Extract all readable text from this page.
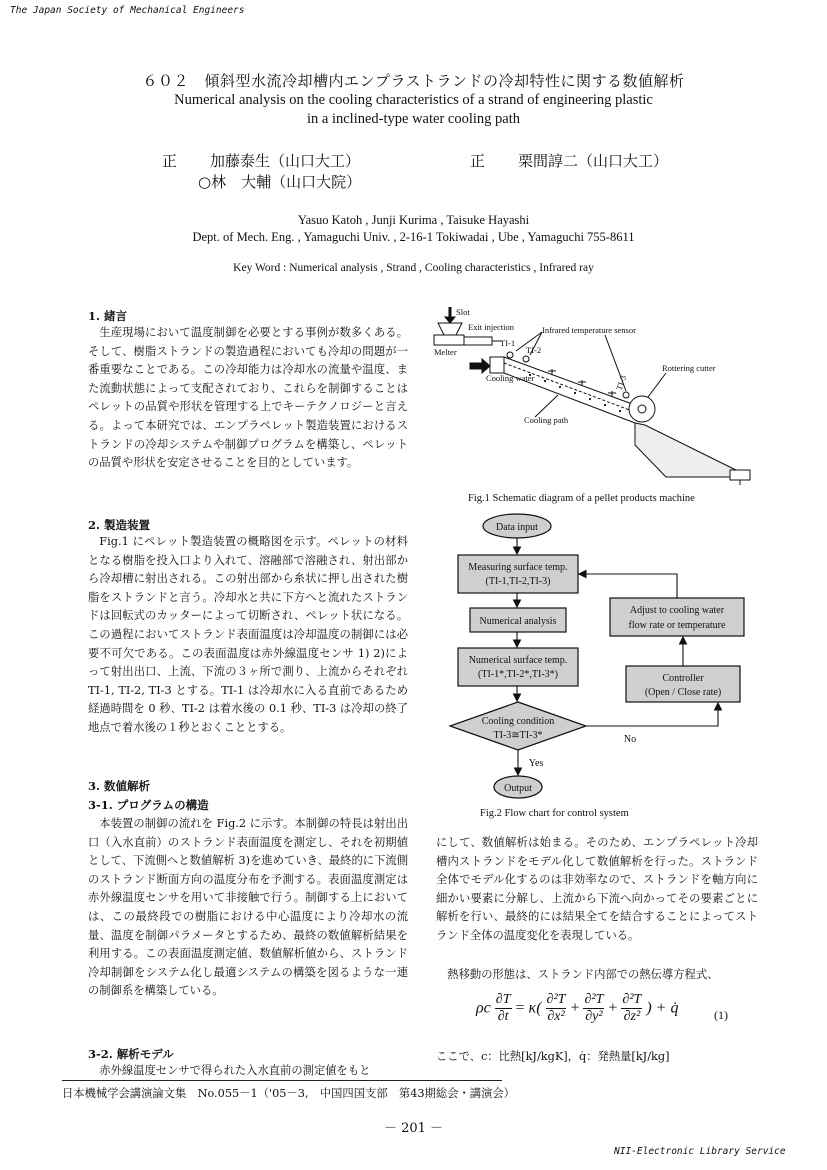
The Japan Society of Mechanical Engineers
６０２　傾斜型水流冷却槽内エンプラストランドの冷却特性に関する数値解析
Numerical analysis on the cooling characteristics of a strand of engineering plastic
in a inclined-type water cooling path
正 加藤泰生（山口大工）	正 栗間諄二（山口大工）
○林　大輔（山口大院）
Yasuo Katoh , Junji Kurima , Taisuke Hayashi
Dept. of Mech. Eng. , Yamaguchi Univ. , 2-16-1 Tokiwadai , Ube , Yamaguchi 755-8611
Key Word : Numerical analysis , Strand , Cooling characteristics , Infrared ray
1. 緒言

生産現場において温度制御を必要とする事例が数多くある。そして、樹脂ストランドの製造過程においても冷却の問題が一番重要なことである。この冷却能力は冷却水の流量や温度、また流動状態によって支配されており、これらを制御することはペレットの品質や形状を管理する上でキーテクノロジーと言える。よって本研究では、エンプラペレット製造装置におけるストランドの冷却システムや制御プログラムを構築し、ペレットの品質や形状を安定させることを目的としています。

2. 製造装置

Fig.1 にペレット製造装置の概略図を示す。ペレットの材料となる樹脂を投入口より入れて、溶融部で溶融され、射出部から冷却槽に射出される。この射出部から糸状に押し出された樹脂をストランドと言う。冷却水と共に下方へと流れたストランドは回転式のカッターによって切断され、ペレット状になる。この過程においてストランド表面温度は冷却温度の制御には必要不可欠である。この表面温度は赤外線温度センサ 1) 2)によって射出出口、上流、下流の３ヶ所で測り、上流からそれぞれ TI-1, TI-2, TI-3 とする。TI-1 は冷却水に入る直前であるため経過時間を 0 秒、TI-2 は着水後の 0.1 秒、TI-3 は冷却の終了地点で着水後の１秒とおくこととする。

3. 数値解析
3-1. プログラムの構造

本装置の制御の流れを Fig.2 に示す。本制御の特長は射出出口（入水直前）のストランド表面温度を測定し、それを初期値として、下流側へと数値解析 3)を進めていき、最終的に下流側のストランド断面方向の温度分布を予測する。表面温度測定は赤外線温度センサを用いて非接触で行う。制御する上においては、この最終段での樹脂における中心温度により冷却水の流量、温度を制御パラメータとするため、最終の数値解析結果を利用する。この表面温度測定値、数値解析値から、ストランド冷却制御をシステム化し最適システムの構築を図るような一連の制御系を構築している。

3-2. 解析モデル

赤外線温度センサで得られた入水直前の測定値をもと

Slot
Exit injection	Infrared temperature sensor
Melter
TI-1
TI-2
TI-3
Rottering cutter
Cooling water
Cooling path
Fig.1 Schematic diagram of a pellet products machine
Data input
Measuring surface temp.
(TI-1,TI-2,TI-3)
Numerical analysis
Numerical surface temp.
(TI-1*,TI-2*,TI-3*)
Cooling condition
TI-3≅TI-3*
Output
Adjust to cooling water
flow rate or temperature
Controller
(Open / Close rate)
Yes
No
Fig.2 Flow chart for control system

にして、数値解析は始まる。そのため、エンプラペレット冷却槽内ストランドをモデル化して数値解析を行った。ストランド全体でモデル化するのは非効率なので、ストランドを軸方向に細かい要素に分解し、上流から下流へ向かってその要素ごとに解析を行い、最終的には結果全てを結合することによってストランド全体の温度変化を表現している。

熱移動の形態は、ストランド内部での熱伝導方程式、

ρc $\frac{\partial T}{\partial t} = \kappa( \frac{\text{∂²T}}{\text{∂x²}} + \frac{\text{∂²T}}{\text{∂y²}} + \frac{\text{∂²T}}{\text{∂z²}}$ ) + q̇	(1)
ここで、c：比熱[kJ/kgK]，q̇：発熱量[kJ/kg]
日本機械学会講演論文集　No.055－1（'05－3,　中国四国支部　第43期総会・講演会）
－ 201 －
NII-Electronic Library Service
